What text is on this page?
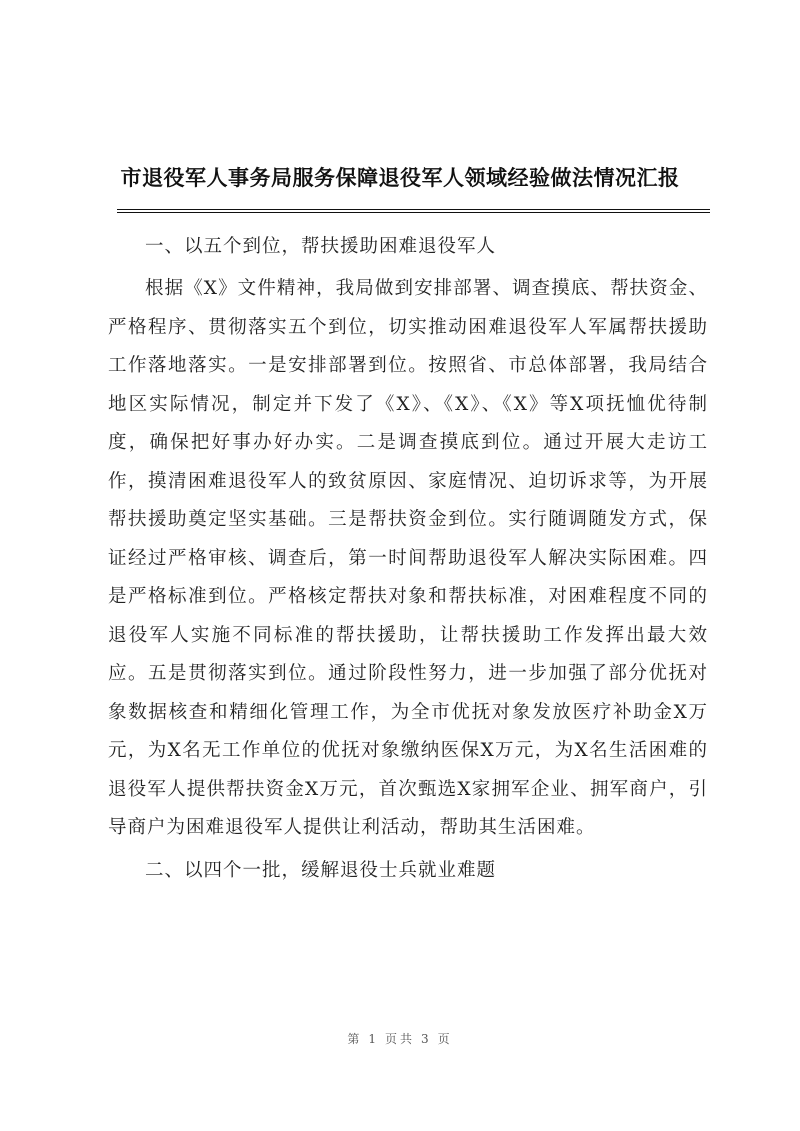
市退役军人事务局服务保障退役军人领域经验做法情况汇报

一、以五个到位，帮扶援助困难退役军人

根据《X》文件精神，我局做到安排部署、调查摸底、帮扶资金、严格程序、贯彻落实五个到位，切实推动困难退役军人军属帮扶援助工作落地落实。一是安排部署到位。按照省、市总体部署，我局结合地区实际情况，制定并下发了《X》、《X》、《X》等X项抚恤优待制度，确保把好事办好办实。二是调查摸底到位。通过开展大走访工作，摸清困难退役军人的致贫原因、家庭情况、迫切诉求等，为开展帮扶援助奠定坚实基础。三是帮扶资金到位。实行随调随发方式，保证经过严格审核、调查后，第一时间帮助退役军人解决实际困难。四是严格标准到位。严格核定帮扶对象和帮扶标准，对困难程度不同的退役军人实施不同标准的帮扶援助，让帮扶援助工作发挥出最大效应。五是贯彻落实到位。通过阶段性努力，进一步加强了部分优抚对象数据核查和精细化管理工作，为全市优抚对象发放医疗补助金X万元，为X名无工作单位的优抚对象缴纳医保X万元，为X名生活困难的退役军人提供帮扶资金X万元，首次甄选X家拥军企业、拥军商户，引导商户为困难退役军人提供让利活动，帮助其生活困难。

二、以四个一批，缓解退役士兵就业难题

第 1 页共 3 页
